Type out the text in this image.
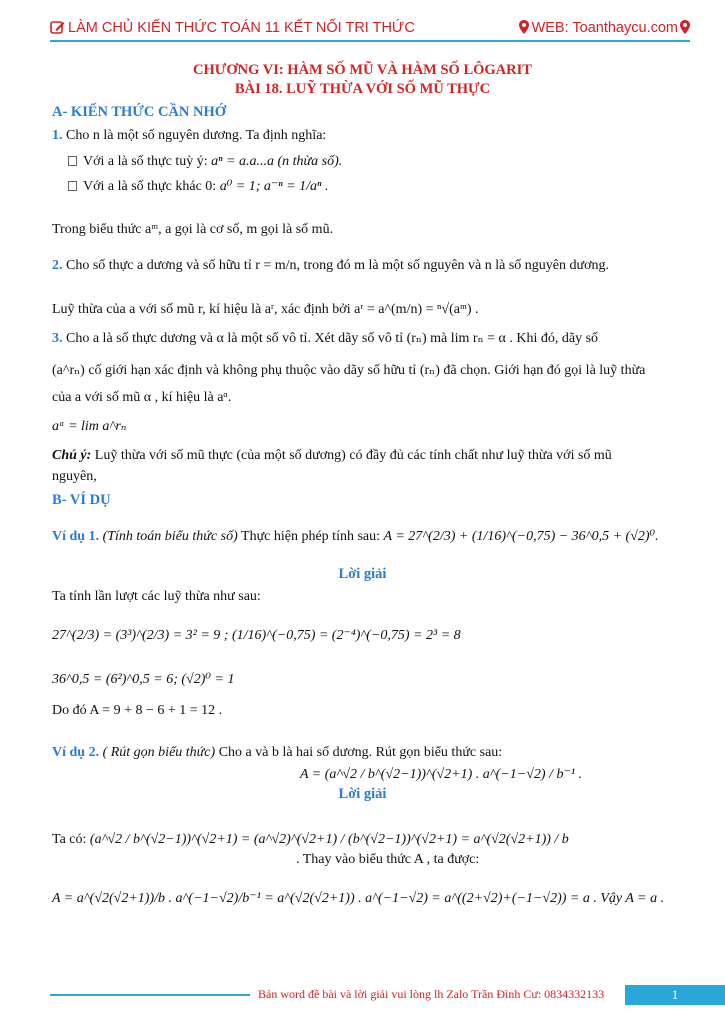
LÀM CHỦ KIẾN THỨC TOÁN 11 KẾT NỐI TRI THỨC	WEB: Toanthaycu.com
CHƯƠNG VI: HÀM SỐ MŨ VÀ HÀM SỐ LÔGARIT
BÀI 18. LUỸ THỪA VỚI SỐ MŨ THỰC
A- KIẾN THỨC CẦN NHỚ
1. Cho n là một số nguyên dương. Ta định nghĩa:
Với a là số thực tuỳ ý: aⁿ = a.a...a (n thừa số).
Với a là số thực khác 0: a⁰ = 1; a⁻ⁿ = 1/aⁿ .
Trong biểu thức aᵐ, a gọi là cơ số, m gọi là số mũ.
2. Cho số thực a dương và số hữu tỉ r = m/n, trong đó m là một số nguyên và n là số nguyên dương.
Luỹ thừa của a với số mũ r, kí hiệu là aʳ, xác định bởi aʳ = a^(m/n) = ⁿ√(aᵐ) .
3. Cho a là số thực dương và α là một số vô tỉ. Xét dãy số vô tỉ (rₙ) mà lim rₙ = α . Khi đó, dãy số
(a^rₙ) cố giới hạn xác định và không phụ thuộc vào dãy số hữu tỉ (rₙ) đã chọn. Giới hạn đó gọi là luỹ thừa
của a với số mũ α , kí hiệu là aᵅ.
aᵅ = lim a^rₙ
Chú ý: Luỹ thừa với số mũ thực (của một số dương) có đầy đủ các tính chất như luỹ thừa với số mũ
nguyên,
B- VÍ DỤ
Ví dụ 1. (Tính toán biểu thức số) Thực hiện phép tính sau: A = 27^(2/3) + (1/16)^(−0,75) − 36^0,5 + (√2)⁰.
Lời giải
Ta tính lần lượt các luỹ thừa như sau:
27^(2/3) = (3³)^(2/3) = 3² = 9 ; (1/16)^(−0,75) = (2⁻⁴)^(−0,75) = 2³ = 8
36^0,5 = (6²)^0,5 = 6; (√2)⁰ = 1
Do đó A = 9 + 8 − 6 + 1 = 12 .
Ví dụ 2. ( Rút gọn biểu thức) Cho a và b là hai số dương. Rút gọn biểu thức sau:
A = (a^√2 / b^(√2−1))^(√2+1) . a^(−1−√2) / b⁻¹ .
Lời giải
Ta có: (a^√2 / b^(√2−1))^(√2+1) = (a^√2)^(√2+1) / (b^(√2−1))^(√2+1) = a^(√2(√2+1)) / b
. Thay vào biểu thức A , ta được:
A = a^(√2(√2+1))/b . a^(−1−√2)/b⁻¹ = a^(√2(√2+1)) . a^(−1−√2) = a^((2+√2)+(−1−√2)) = a . Vậy A = a .
Bản word đề bài và lời giải vui lòng lh Zalo Trần Đình Cư: 0834332133	1
